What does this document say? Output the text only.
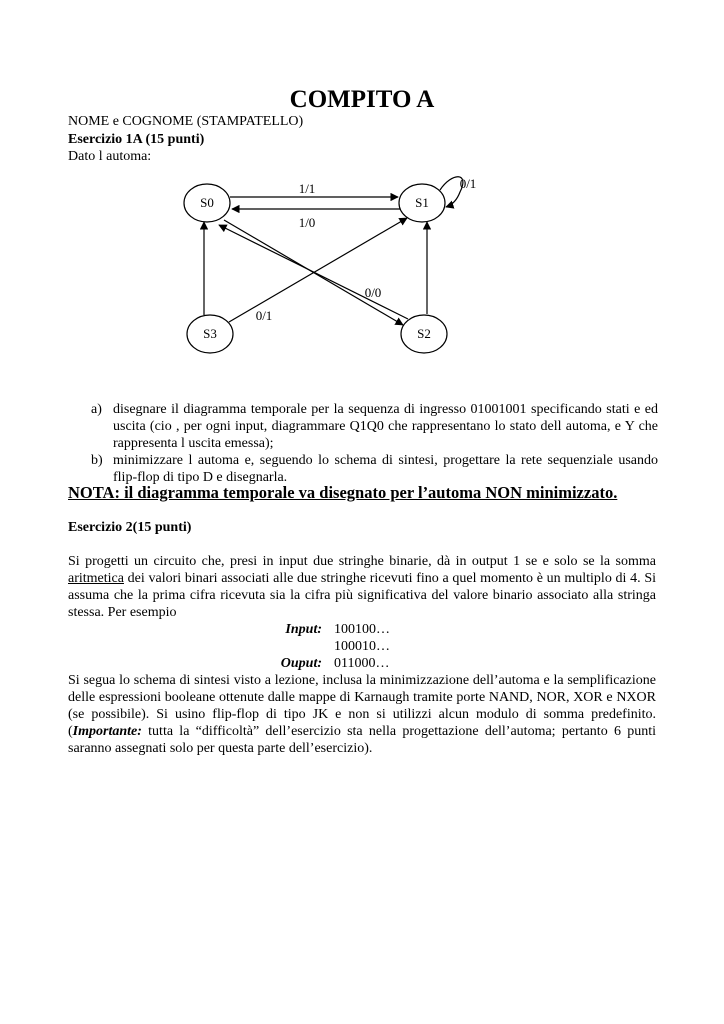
COMPITO A
NOME e COGNOME (STAMPATELLO)
Esercizio 1A (15 punti)
Dato l automa:
S0	S1
S3	S2
1/1
1/0
0/1
0/0
0/1
a) disegnare il diagramma temporale per la sequenza di ingresso 01001001 specificando stati e ed uscita (cio , per ogni input, diagrammare Q1Q0 che rappresentano lo stato dell automa, e Y che rappresenta l uscita emessa);
b) minimizzare l automa e, seguendo lo schema di sintesi, progettare la rete sequenziale usando flip-flop di tipo D e disegnarla.
NOTA: il diagramma temporale va disegnato per l’automa NON minimizzato.
Esercizio 2(15 punti)

Si progetti un circuito che, presi in input due stringhe binarie, dà in output 1 se e solo se la somma aritmetica dei valori binari associati alle due stringhe ricevuti fino a quel momento è un multiplo di 4. Si assuma che la prima cifra ricevuta sia la cifra più significativa del valore binario associato alla stringa stessa. Per esempio

Input: 100100…
100010…
Ouput: 011000…

Si segua lo schema di sintesi visto a lezione, inclusa la minimizzazione dell’automa e la semplificazione delle espressioni booleane ottenute dalle mappe di Karnaugh tramite porte NAND, NOR, XOR e NXOR (se possibile). Si usino flip-flop di tipo JK e non si utilizzi alcun modulo di somma predefinito. (Importante: tutta la “difficoltà” dell’esercizio sta nella progettazione dell’automa; pertanto 6 punti saranno assegnati solo per questa parte dell’esercizio).
